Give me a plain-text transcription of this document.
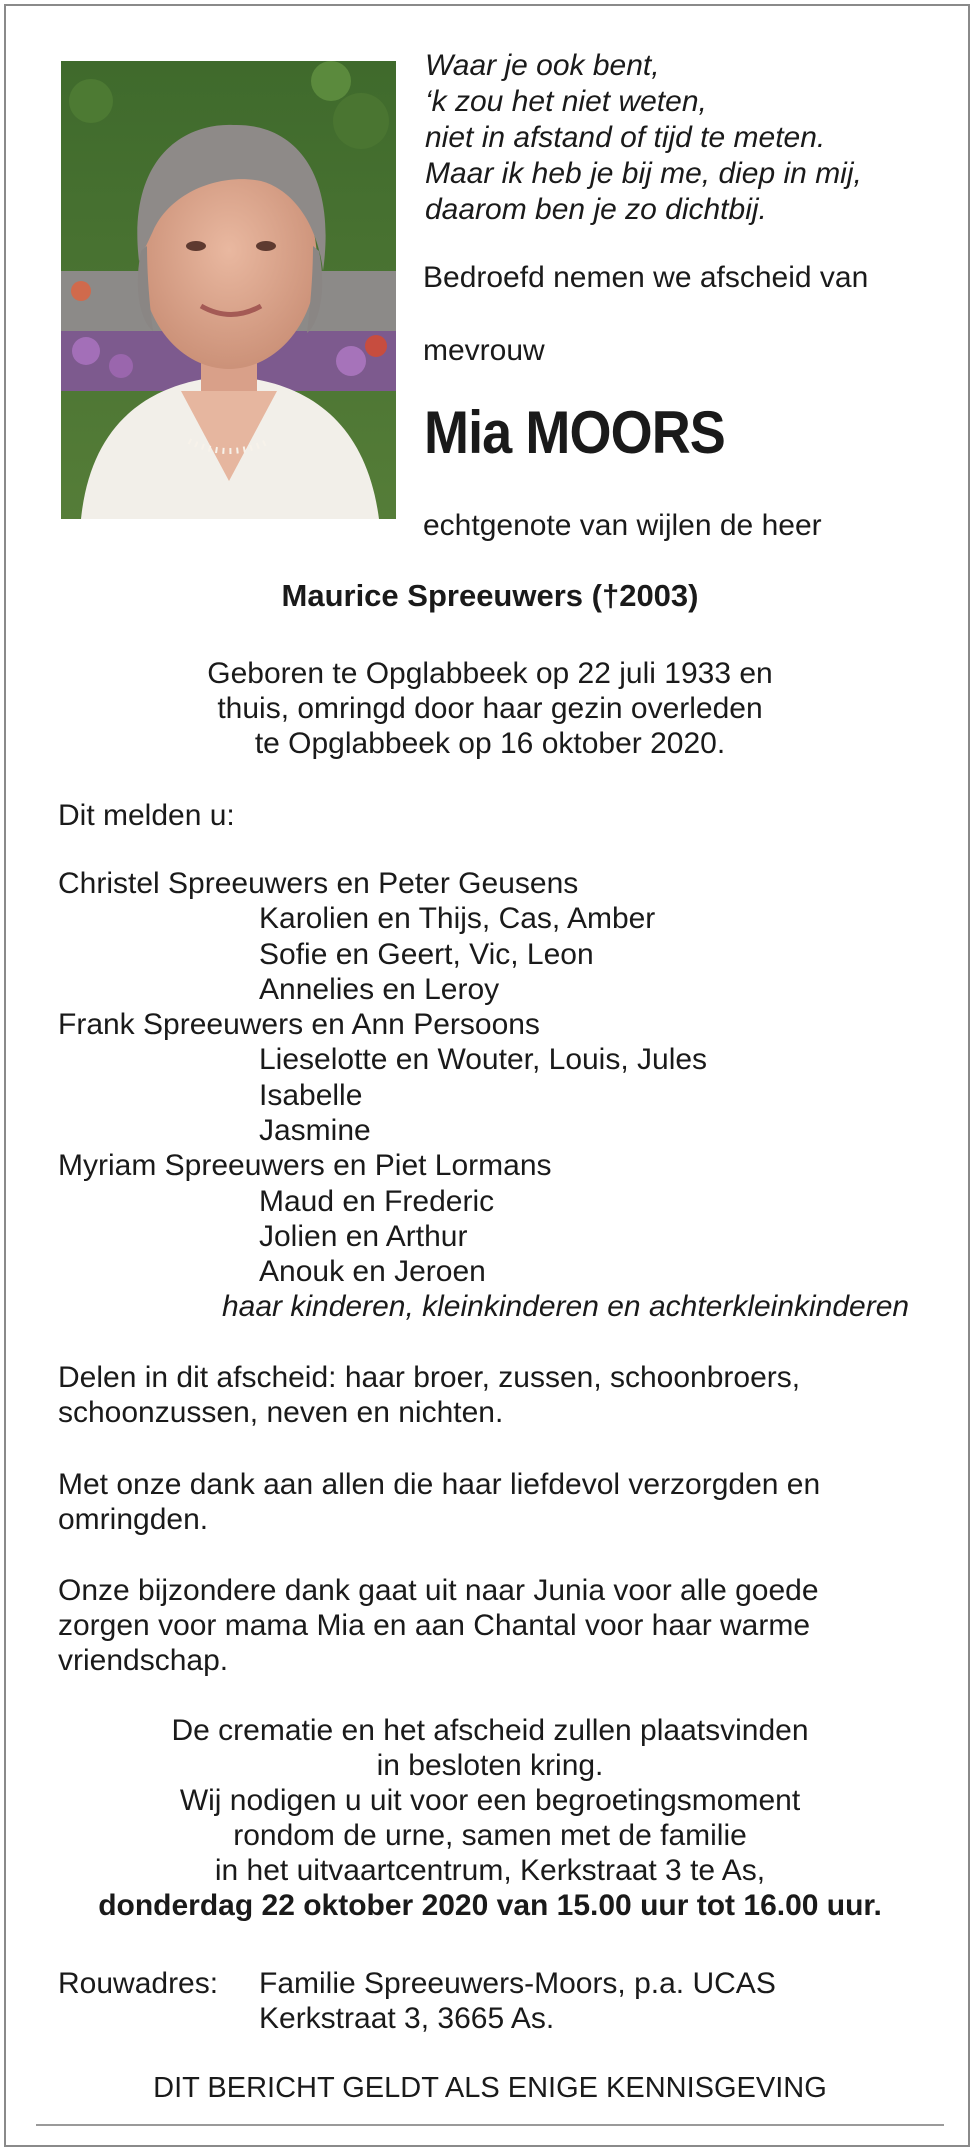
Waar je ook bent,
‘k zou het niet weten,
niet in afstand of tijd te meten.
Maar ik heb je bij me, diep in mij,
daarom ben je zo dichtbij.
Bedroefd nemen we afscheid van
mevrouw
Mia MOORS
echtgenote van wijlen de heer
Maurice Spreeuwers (†2003)
Geboren te Opglabbeek op 22 juli 1933 en
thuis, omringd door haar gezin overleden
te Opglabbeek op 16 oktober 2020.
Dit melden u:
Christel Spreeuwers en Peter Geusens
Karolien en Thijs, Cas, Amber
Sofie en Geert, Vic, Leon
Annelies en Leroy
Frank Spreeuwers en Ann Persoons
Lieselotte en Wouter, Louis, Jules
Isabelle
Jasmine
Myriam Spreeuwers en Piet Lormans
Maud en Frederic
Jolien en Arthur
Anouk en Jeroen
haar kinderen, kleinkinderen en achterkleinkinderen
Delen in dit afscheid: haar broer, zussen, schoonbroers,
schoonzussen, neven en nichten.
Met onze dank aan allen die haar liefdevol verzorgden en
omringden.
Onze bijzondere dank gaat uit naar Junia voor alle goede
zorgen voor mama Mia en aan Chantal voor haar warme
vriendschap.
De crematie en het afscheid zullen plaatsvinden
in besloten kring.
Wij nodigen u uit voor een begroetingsmoment
rondom de urne, samen met de familie
in het uitvaartcentrum, Kerkstraat 3 te As,
donderdag 22 oktober 2020 van 15.00 uur tot 16.00 uur.
Rouwadres: Familie Spreeuwers-Moors, p.a. UCAS
Kerkstraat 3, 3665 As.
DIT BERICHT GELDT ALS ENIGE KENNISGEVING
